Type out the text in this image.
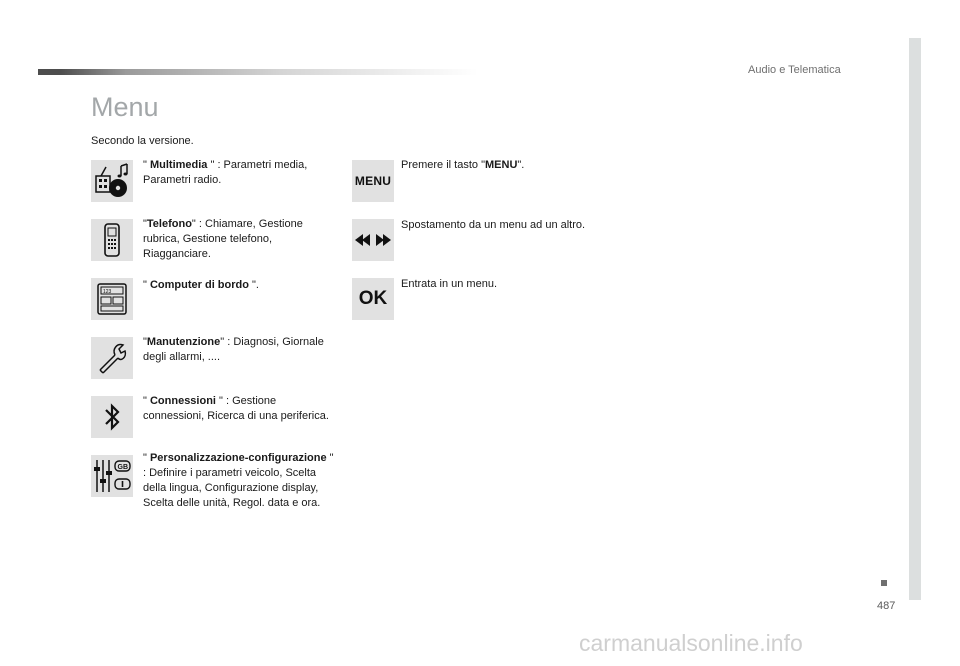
Audio e Telematica
487
Menu
Secondo la versione.
" Multimedia " : Parametri media, Parametri radio.
"Telefono" : Chiamare, Gestione rubrica, Gestione telefono, Riagganciare.
123
" Computer di bordo ".
"Manutenzione" : Diagnosi, Giornale degli allarmi, ....
" Connessioni " : Gestione connessioni, Ricerca di una periferica.
GB
" Personalizzazione-configurazione " : Definire i parametri veicolo, Scelta della lingua, Configurazione display, Scelta delle unità, Regol. data e ora.
MENU
Premere il tasto "MENU".
Spostamento da un menu ad un altro.
OK
Entrata in un menu.
carmanualsonline.info
